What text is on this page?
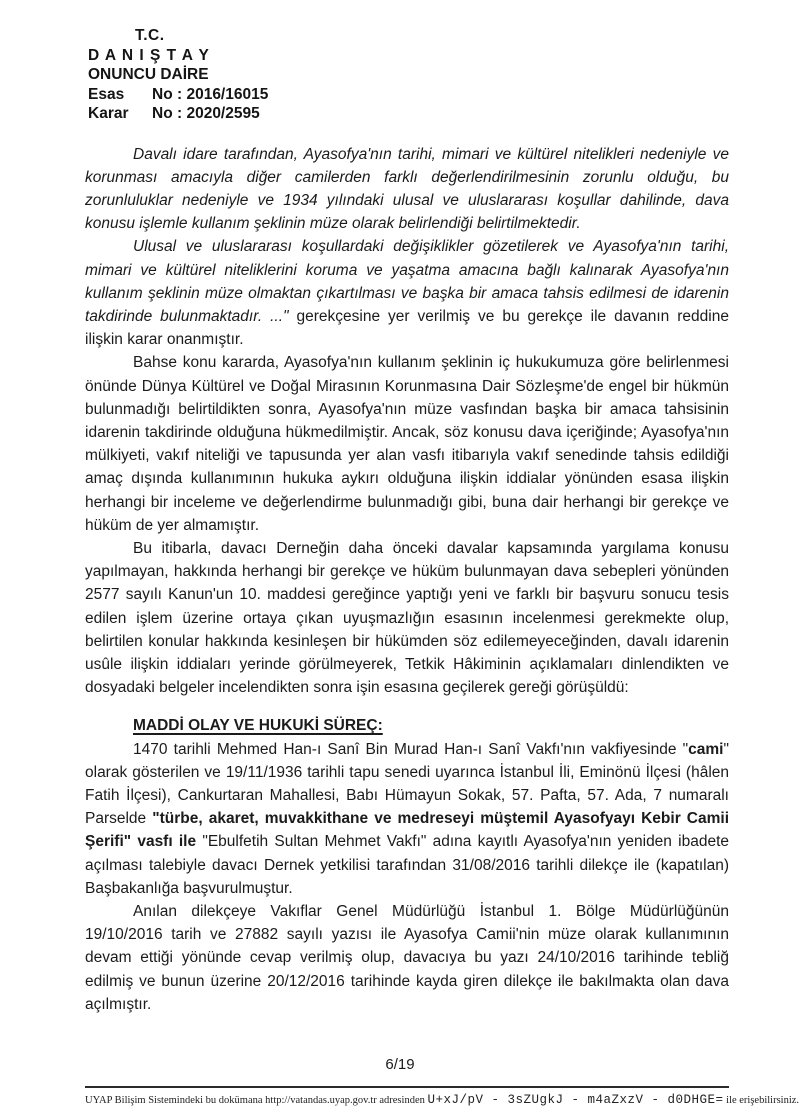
T.C.
D A N I Ş T A Y
ONUNCU DAİRE
Esas No : 2016/16015
Karar No : 2020/2595

Davalı idare tarafından, Ayasofya'nın tarihi, mimari ve kültürel nitelikleri nedeniyle ve korunması amacıyla diğer camilerden farklı değerlendirilmesinin zorunlu olduğu, bu zorunluluklar nedeniyle ve 1934 yılındaki ulusal ve uluslararası koşullar dahilinde, dava konusu işlemle kullanım şeklinin müze olarak belirlendiği belirtilmektedir.

Ulusal ve uluslararası koşullardaki değişiklikler gözetilerek ve Ayasofya'nın tarihi, mimari ve kültürel niteliklerini koruma ve yaşatma amacına bağlı kalınarak Ayasofya'nın kullanım şeklinin müze olmaktan çıkartılması ve başka bir amaca tahsis edilmesi de idarenin takdirinde bulunmaktadır. ..." gerekçesine yer verilmiş ve bu gerekçe ile davanın reddine ilişkin karar onanmıştır.

Bahse konu kararda, Ayasofya'nın kullanım şeklinin iç hukukumuza göre belirlenmesi önünde Dünya Kültürel ve Doğal Mirasının Korunmasına Dair Sözleşme'de engel bir hükmün bulunmadığı belirtildikten sonra, Ayasofya'nın müze vasfından başka bir amaca tahsisinin idarenin takdirinde olduğuna hükmedilmiştir. Ancak, söz konusu dava içeriğinde; Ayasofya'nın mülkiyeti, vakıf niteliği ve tapusunda yer alan vasfı itibarıyla vakıf senedinde tahsis edildiği amaç dışında kullanımının hukuka aykırı olduğuna ilişkin iddialar yönünden esasa ilişkin herhangi bir inceleme ve değerlendirme bulunmadığı gibi, buna dair herhangi bir gerekçe ve hüküm de yer almamıştır.

Bu itibarla, davacı Derneğin daha önceki davalar kapsamında yargılama konusu yapılmayan, hakkında herhangi bir gerekçe ve hüküm bulunmayan dava sebepleri yönünden 2577 sayılı Kanun'un 10. maddesi gereğince yaptığı yeni ve farklı bir başvuru sonucu tesis edilen işlem üzerine ortaya çıkan uyuşmazlığın esasının incelenmesi gerekmekte olup, belirtilen konular hakkında kesinleşen bir hükümden söz edilemeyeceğinden, davalı idarenin usûle ilişkin iddiaları yerinde görülmeyerek, Tetkik Hâkiminin açıklamaları dinlendikten ve dosyadaki belgeler incelendikten sonra işin esasına geçilerek gereği görüşüldü:

MADDİ OLAY VE HUKUKİ SÜREÇ:

1470 tarihli Mehmed Han-ı Sanî Bin Murad Han-ı Sanî Vakfı'nın vakfiyesinde "cami" olarak gösterilen ve 19/11/1936 tarihli tapu senedi uyarınca İstanbul İli, Eminönü İlçesi (hâlen Fatih İlçesi), Cankurtaran Mahallesi, Babı Hümayun Sokak, 57. Pafta, 57. Ada, 7 numaralı Parselde "türbe, akaret, muvakkithane ve medreseyi müştemil Ayasofyayı Kebir Camii Şerifi" vasfı ile "Ebulfetih Sultan Mehmet Vakfı" adına kayıtlı Ayasofya'nın yeniden ibadete açılması talebiyle davacı Dernek yetkilisi tarafından 31/08/2016 tarihli dilekçe ile (kapatılan) Başbakanlığa başvurulmuştur.

Anılan dilekçeye Vakıflar Genel Müdürlüğü İstanbul 1. Bölge Müdürlüğünün 19/10/2016 tarih ve 27882 sayılı yazısı ile Ayasofya Camii'nin müze olarak kullanımının devam ettiği yönünde cevap verilmiş olup, davacıya bu yazı 24/10/2016 tarihinde tebliğ edilmiş ve bunun üzerine 20/12/2016 tarihinde kayda giren dilekçe ile bakılmakta olan dava açılmıştır.

6/19
UYAP Bilişim Sistemindeki bu dokümana http://vatandas.uyap.gov.tr adresinden U+xJ/pV - 3sZUgkJ - m4aZxzV - d0DHGE= ile erişebilirsiniz.
